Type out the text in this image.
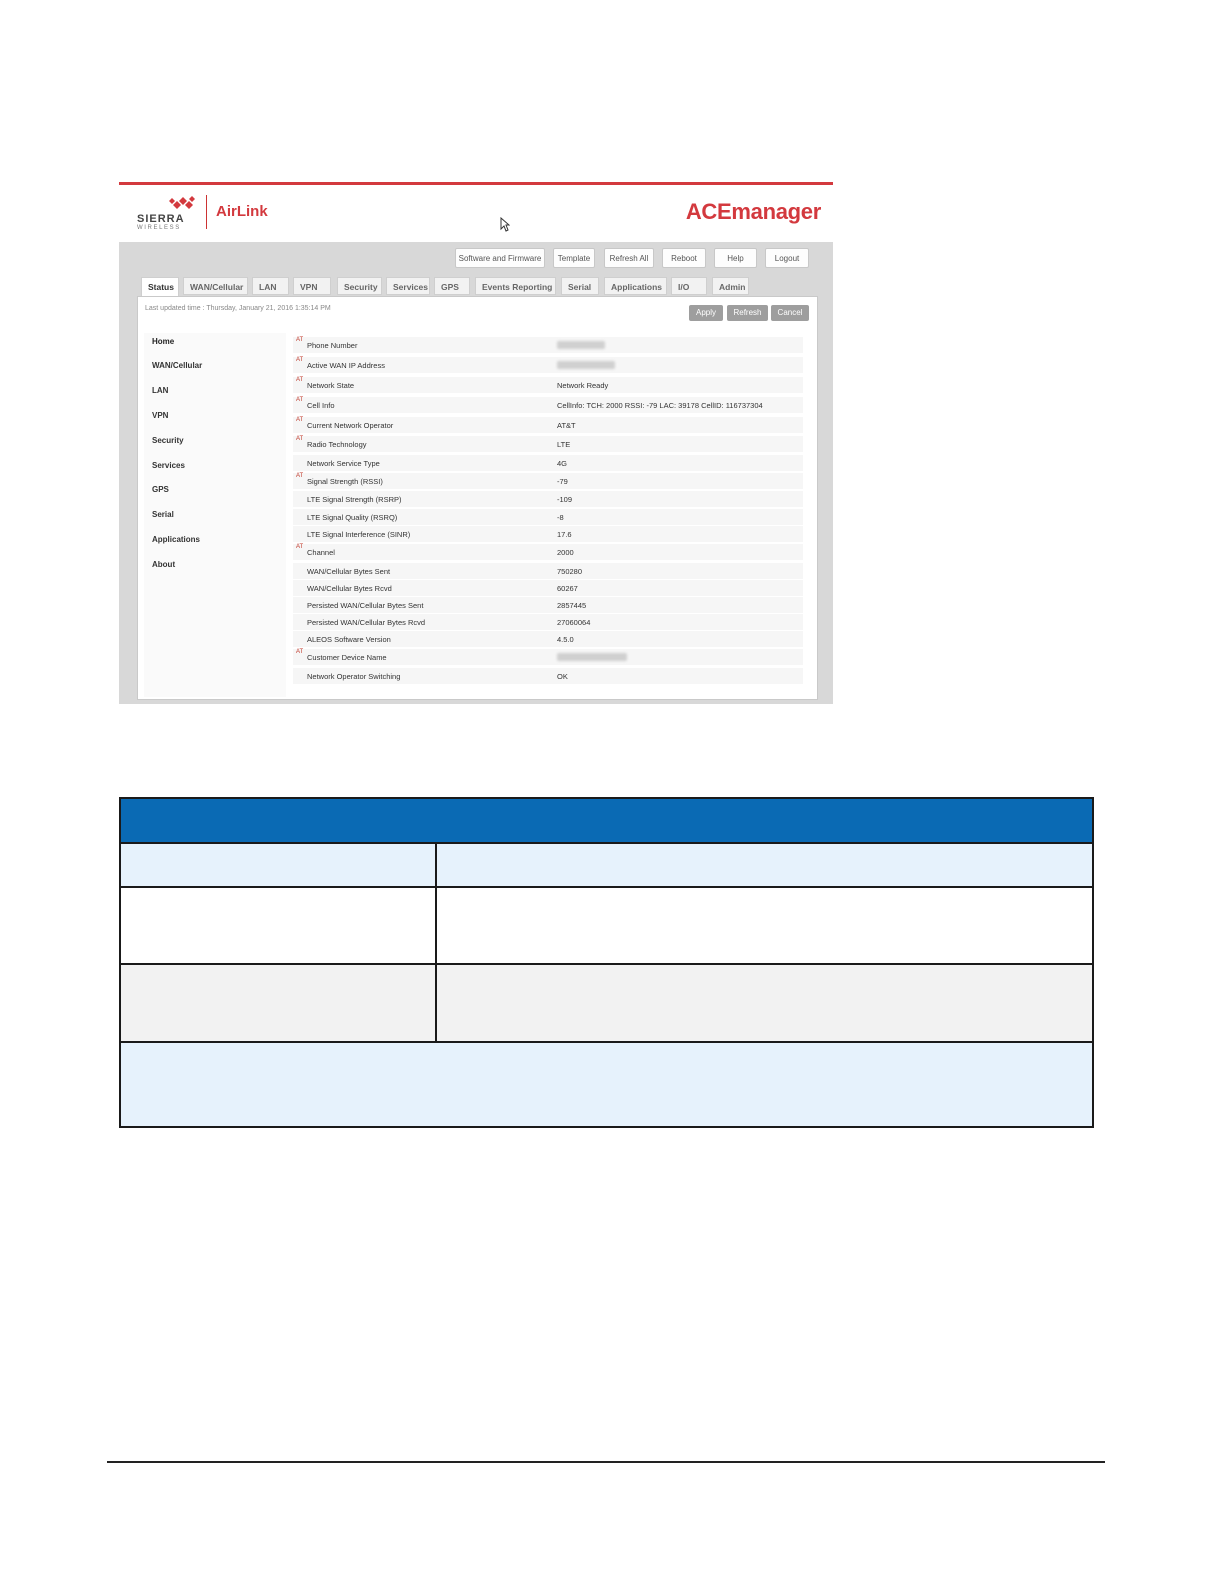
SIERRA
WIRELESS
AirLink	ACEmanager
Software and Firmware	Template	Refresh All	Reboot	Help	Logout
Status	WAN/Cellular	LAN	VPN	Security	Services	GPS	Events Reporting	Serial	Applications	I/O	Admin
Last updated time : Thursday, January 21, 2016 1:35:14 PM	Apply	Refresh	Cancel
Home
WAN/Cellular
LAN
VPN
Security
Services
GPS
Serial
Applications
About
AT
Phone Number
AT
Active WAN IP Address
AT
Network State	Network Ready
AT
Cell Info	CellInfo: TCH: 2000 RSSI: -79 LAC: 39178 CellID: 116737304
AT
Current Network Operator	AT&T
AT
Radio Technology	LTE
Network Service Type	4G
AT
Signal Strength (RSSI)	-79
LTE Signal Strength (RSRP)	-109
LTE Signal Quality (RSRQ)	-8
LTE Signal Interference (SINR)	17.6
AT
Channel	2000
WAN/Cellular Bytes Sent	750280
WAN/Cellular Bytes Rcvd	60267
Persisted WAN/Cellular Bytes Sent	2857445
Persisted WAN/Cellular Bytes Rcvd	27060064
ALEOS Software Version	4.5.0
AT
Customer Device Name
Network Operator Switching	OK
